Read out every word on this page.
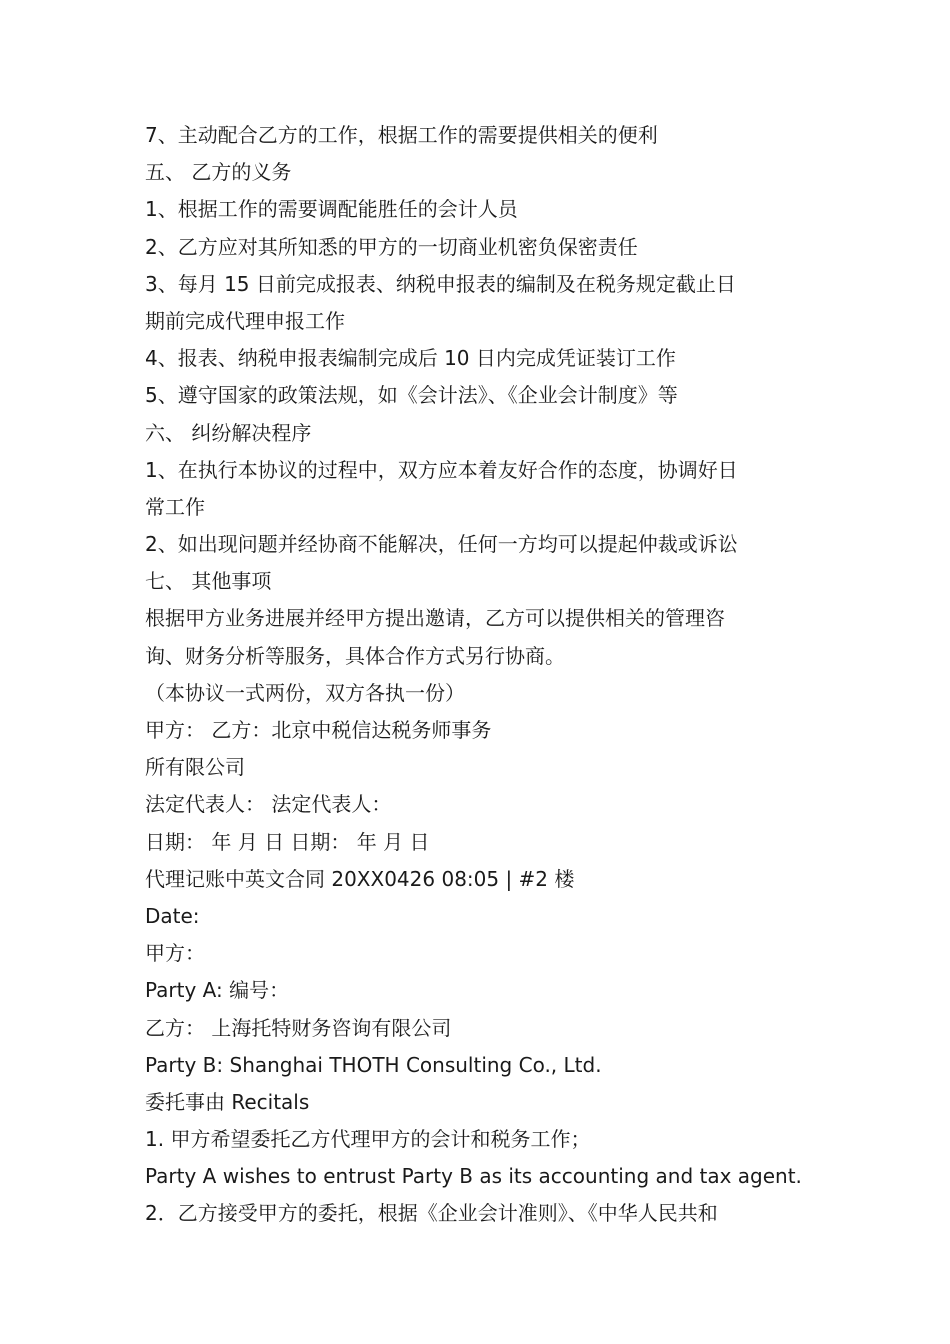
7、主动配合乙方的工作，根据工作的需要提供相关的便利
五、 乙方的义务
1、根据工作的需要调配能胜任的会计人员
2、乙方应对其所知悉的甲方的一切商业机密负保密责任
3、每月 15 日前完成报表、纳税申报表的编制及在税务规定截止日
期前完成代理申报工作
4、报表、纳税申报表编制完成后 10 日内完成凭证装订工作
5、遵守国家的政策法规，如《会计法》、《企业会计制度》等
六、 纠纷解决程序
1、在执行本协议的过程中，双方应本着友好合作的态度，协调好日
常工作
2、如出现问题并经协商不能解决，任何一方均可以提起仲裁或诉讼
七、 其他事项
根据甲方业务进展并经甲方提出邀请，乙方可以提供相关的管理咨
询、财务分析等服务，具体合作方式另行协商。
（本协议一式两份，双方各执一份）
甲方： 乙方：北京中税信达税务师事务
所有限公司
法定代表人： 法定代表人：
日期： 年 月 日 日期： 年 月 日
代理记账中英文合同 20XX0426 08:05 | #2 楼
Date:
甲方：
Party A: 编号：
乙方： 上海托特财务咨询有限公司
Party B: Shanghai THOTH Consulting Co., Ltd.
委托事由 Recitals
1. 甲方希望委托乙方代理甲方的会计和税务工作；
Party A wishes to entrust Party B as its accounting and tax agent.
2．乙方接受甲方的委托，根据《企业会计准则》、《中华人民共和
